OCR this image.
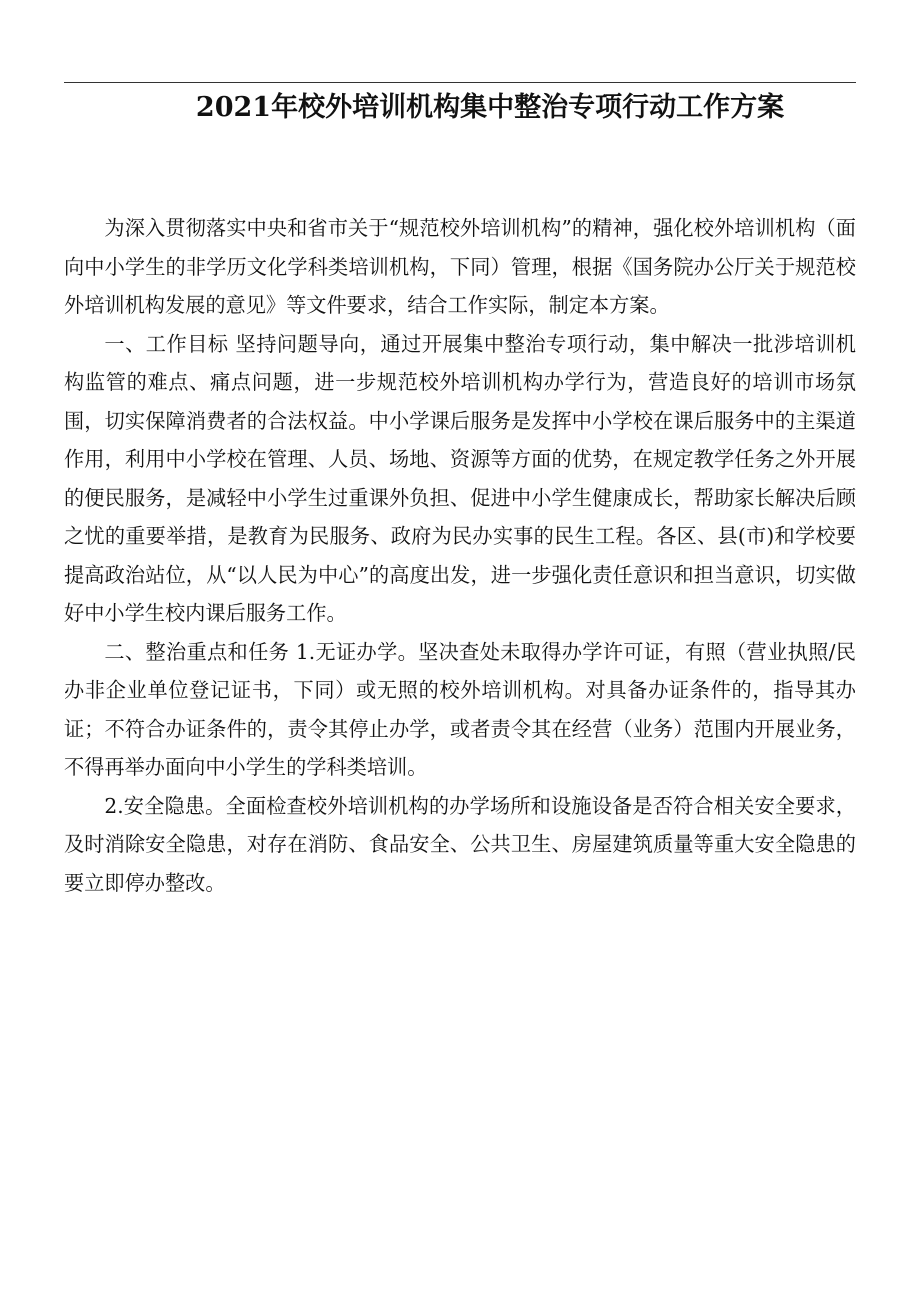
2021年校外培训机构集中整治专项行动工作方案

为深入贯彻落实中央和省市关于“规范校外培训机构”的精神，强化校外培训机构（面向中小学生的非学历文化学科类培训机构，下同）管理，根据《国务院办公厅关于规范校外培训机构发展的意见》等文件要求，结合工作实际，制定本方案。

一、工作目标 坚持问题导向，通过开展集中整治专项行动，集中解决一批涉培训机构监管的难点、痛点问题，进一步规范校外培训机构办学行为，营造良好的培训市场氛围，切实保障消费者的合法权益。中小学课后服务是发挥中小学校在课后服务中的主渠道作用，利用中小学校在管理、人员、场地、资源等方面的优势，在规定教学任务之外开展的便民服务，是减轻中小学生过重课外负担、促进中小学生健康成长，帮助家长解决后顾之忧的重要举措，是教育为民服务、政府为民办实事的民生工程。各区、县(市)和学校要提高政治站位，从“以人民为中心”的高度出发，进一步强化责任意识和担当意识，切实做好中小学生校内课后服务工作。

二、整治重点和任务 1.无证办学。坚决查处未取得办学许可证，有照（营业执照/民办非企业单位登记证书，下同）或无照的校外培训机构。对具备办证条件的，指导其办证；不符合办证条件的，责令其停止办学，或者责令其在经营（业务）范围内开展业务，不得再举办面向中小学生的学科类培训。

2.安全隐患。全面检查校外培训机构的办学场所和设施设备是否符合相关安全要求，及时消除安全隐患，对存在消防、食品安全、公共卫生、房屋建筑质量等重大安全隐患的要立即停办整改。
